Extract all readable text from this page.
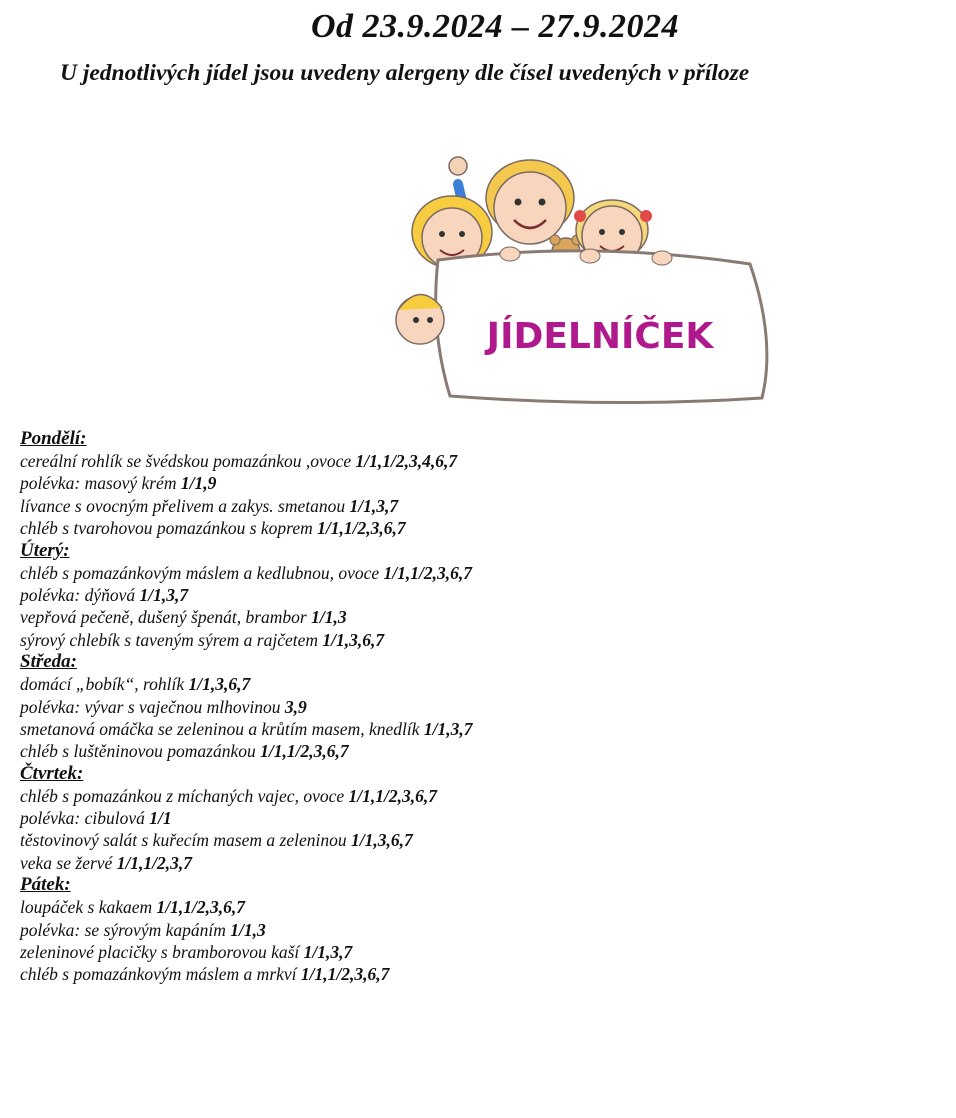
Od 23.9.2024 – 27.9.2024
U jednotlivých jídel jsou uvedeny alergeny dle čísel uvedených v příloze
JÍDELNÍČEK
Pondělí:
cereální rohlík se švédskou pomazánkou ,ovoce 1/1,1/2,3,4,6,7
polévka: masový krém 1/1,9
lívance s ovocným přelivem a zakys. smetanou 1/1,3,7
chléb s tvarohovou pomazánkou s koprem 1/1,1/2,3,6,7
Úterý:
chléb s pomazánkovým máslem a kedlubnou, ovoce 1/1,1/2,3,6,7
polévka: dýňová 1/1,3,7
vepřová pečeně, dušený špenát, brambor 1/1,3
sýrový chlebík s taveným sýrem a rajčetem 1/1,3,6,7
Středa:
domácí „bobík“, rohlík 1/1,3,6,7
polévka: vývar s vaječnou mlhovinou 3,9
smetanová omáčka se zeleninou a krůtím masem, knedlík 1/1,3,7
chléb s luštěninovou pomazánkou 1/1,1/2,3,6,7
Čtvrtek:
chléb s pomazánkou z míchaných vajec, ovoce 1/1,1/2,3,6,7
polévka: cibulová 1/1
těstovinový salát s kuřecím masem a zeleninou 1/1,3,6,7
veka se žervé 1/1,1/2,3,7
Pátek:
loupáček s kakaem 1/1,1/2,3,6,7
polévka: se sýrovým kapáním 1/1,3
zeleninové placičky s bramborovou kaší 1/1,3,7
chléb s pomazánkovým máslem a mrkví 1/1,1/2,3,6,7
